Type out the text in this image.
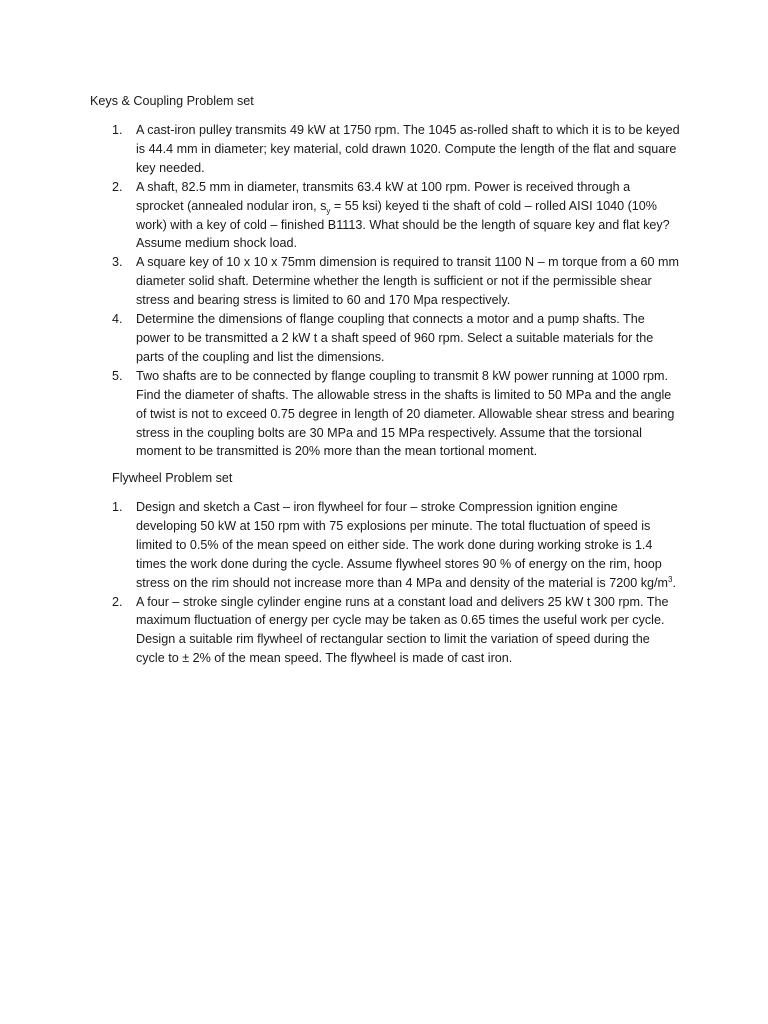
Keys & Coupling Problem set
1. A cast-iron pulley transmits 49 kW at 1750 rpm. The 1045 as-rolled shaft to which it is to be keyed is 44.4 mm in diameter; key material, cold drawn 1020. Compute the length of the flat and square key needed.
2. A shaft, 82.5 mm in diameter, transmits 63.4 kW at 100 rpm. Power is received through a sprocket (annealed nodular iron, $s_y = 55$ ksi) keyed ti the shaft of cold – rolled AISI 1040 (10% work) with a key of cold – finished B1113. What should be the length of square key and flat key? Assume medium shock load.
3. A square key of 10 x 10 x 75mm dimension is required to transit 1100 N – m torque from a 60 mm diameter solid shaft. Determine whether the length is sufficient or not if the permissible shear stress and bearing stress is limited to 60 and 170 Mpa respectively.
4. Determine the dimensions of flange coupling that connects a motor and a pump shafts. The power to be transmitted a 2 kW t a shaft speed of 960 rpm. Select a suitable materials for the parts of the coupling and list the dimensions.
5. Two shafts are to be connected by flange coupling to transmit 8 kW power running at 1000 rpm. Find the diameter of shafts. The allowable stress in the shafts is limited to 50 MPa and the angle of twist is not to exceed 0.75 degree in length of 20 diameter. Allowable shear stress and bearing stress in the coupling bolts are 30 MPa and 15 MPa respectively. Assume that the torsional moment to be transmitted is 20% more than the mean tortional moment.
Flywheel Problem set
1. Design and sketch a Cast – iron flywheel for four – stroke Compression ignition engine developing 50 kW at 150 rpm with 75 explosions per minute. The total fluctuation of speed is limited to 0.5% of the mean speed on either side. The work done during working stroke is 1.4 times the work done during the cycle. Assume flywheel stores 90 % of energy on the rim, hoop stress on the rim should not increase more than 4 MPa and density of the material is 7200 $kg/m^3$.
2. A four – stroke single cylinder engine runs at a constant load and delivers 25 kW t 300 rpm. The maximum fluctuation of energy per cycle may be taken as 0.65 times the useful work per cycle. Design a suitable rim flywheel of rectangular section to limit the variation of speed during the cycle to ± 2% of the mean speed. The flywheel is made of cast iron.
